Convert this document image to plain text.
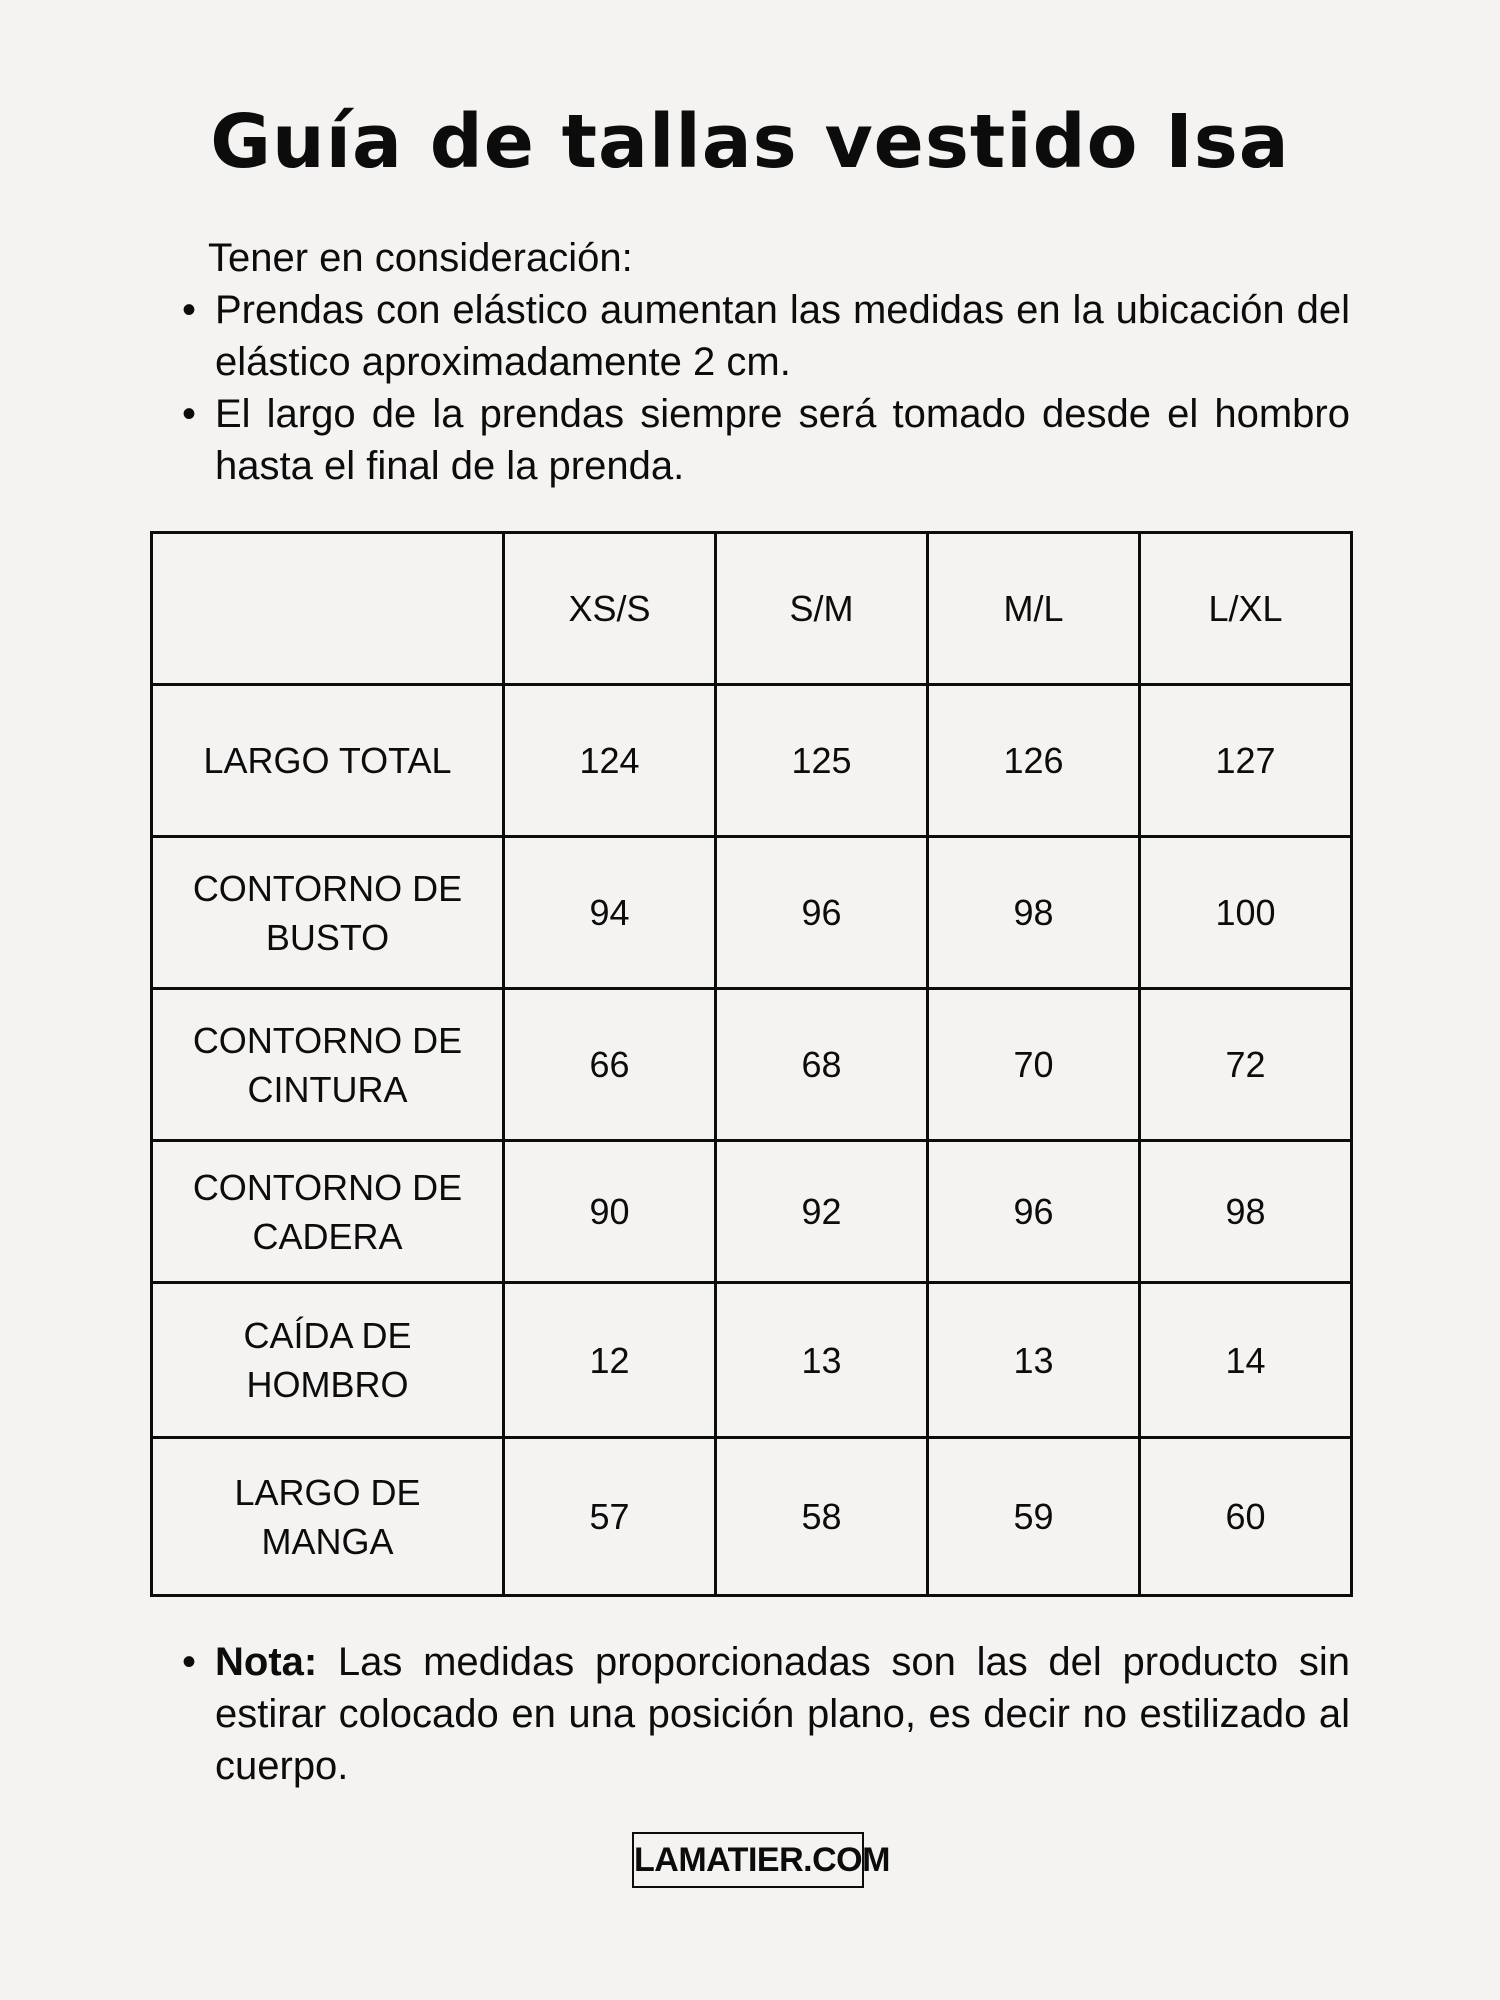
Guía de tallas vestido Isa
Tener en consideración:
• Prendas con elástico aumentan las medidas en la ubicación del elástico aproximadamente 2 cm.
• El largo de la prendas siempre será tomado desde el hombro hasta el final de la prenda.
	XS/S	S/M	M/L	L/XL
LARGO TOTAL	124	125	126	127
CONTORNO DE BUSTO	94	96	98	100
CONTORNO DE CINTURA	66	68	70	72
CONTORNO DE CADERA	90	92	96	98
CAÍDA DE HOMBRO	12	13	13	14
LARGO DE MANGA	57	58	59	60
• Nota: Las medidas proporcionadas son las del producto sin estirar colocado en una posición plano, es decir no estilizado al cuerpo.
LAMATIER.COM
